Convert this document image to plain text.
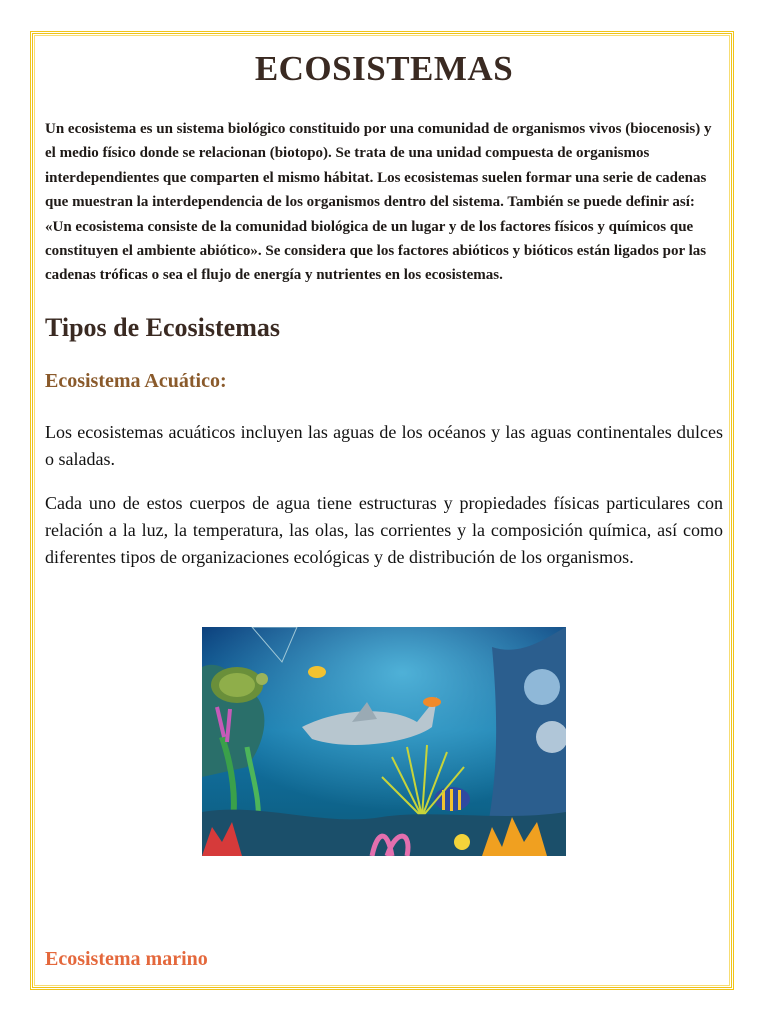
ECOSISTEMAS

Un ecosistema es un sistema biológico constituido por una comunidad de organismos vivos (biocenosis) y el medio físico donde se relacionan (biotopo). Se trata de una unidad compuesta de organismos interdependientes que comparten el mismo hábitat. Los ecosistemas suelen formar una serie de cadenas que muestran la interdependencia de los organismos dentro del sistema. También se puede definir así: «Un ecosistema consiste de la comunidad biológica de un lugar y de los factores físicos y químicos que constituyen el ambiente abiótico». Se considera que los factores abióticos y bióticos están ligados por las cadenas tróficas o sea el flujo de energía y nutrientes en los ecosistemas.

Tipos de Ecosistemas
Ecosistema Acuático:

Los ecosistemas acuáticos incluyen las aguas de los océanos y las aguas continentales dulces o saladas.

Cada uno de estos cuerpos de agua tiene estructuras y propiedades físicas particulares con relación a la luz, la temperatura, las olas, las corrientes y la composición química, así como diferentes tipos de organizaciones ecológicas y de distribución de los organismos.

Ecosistema marino
